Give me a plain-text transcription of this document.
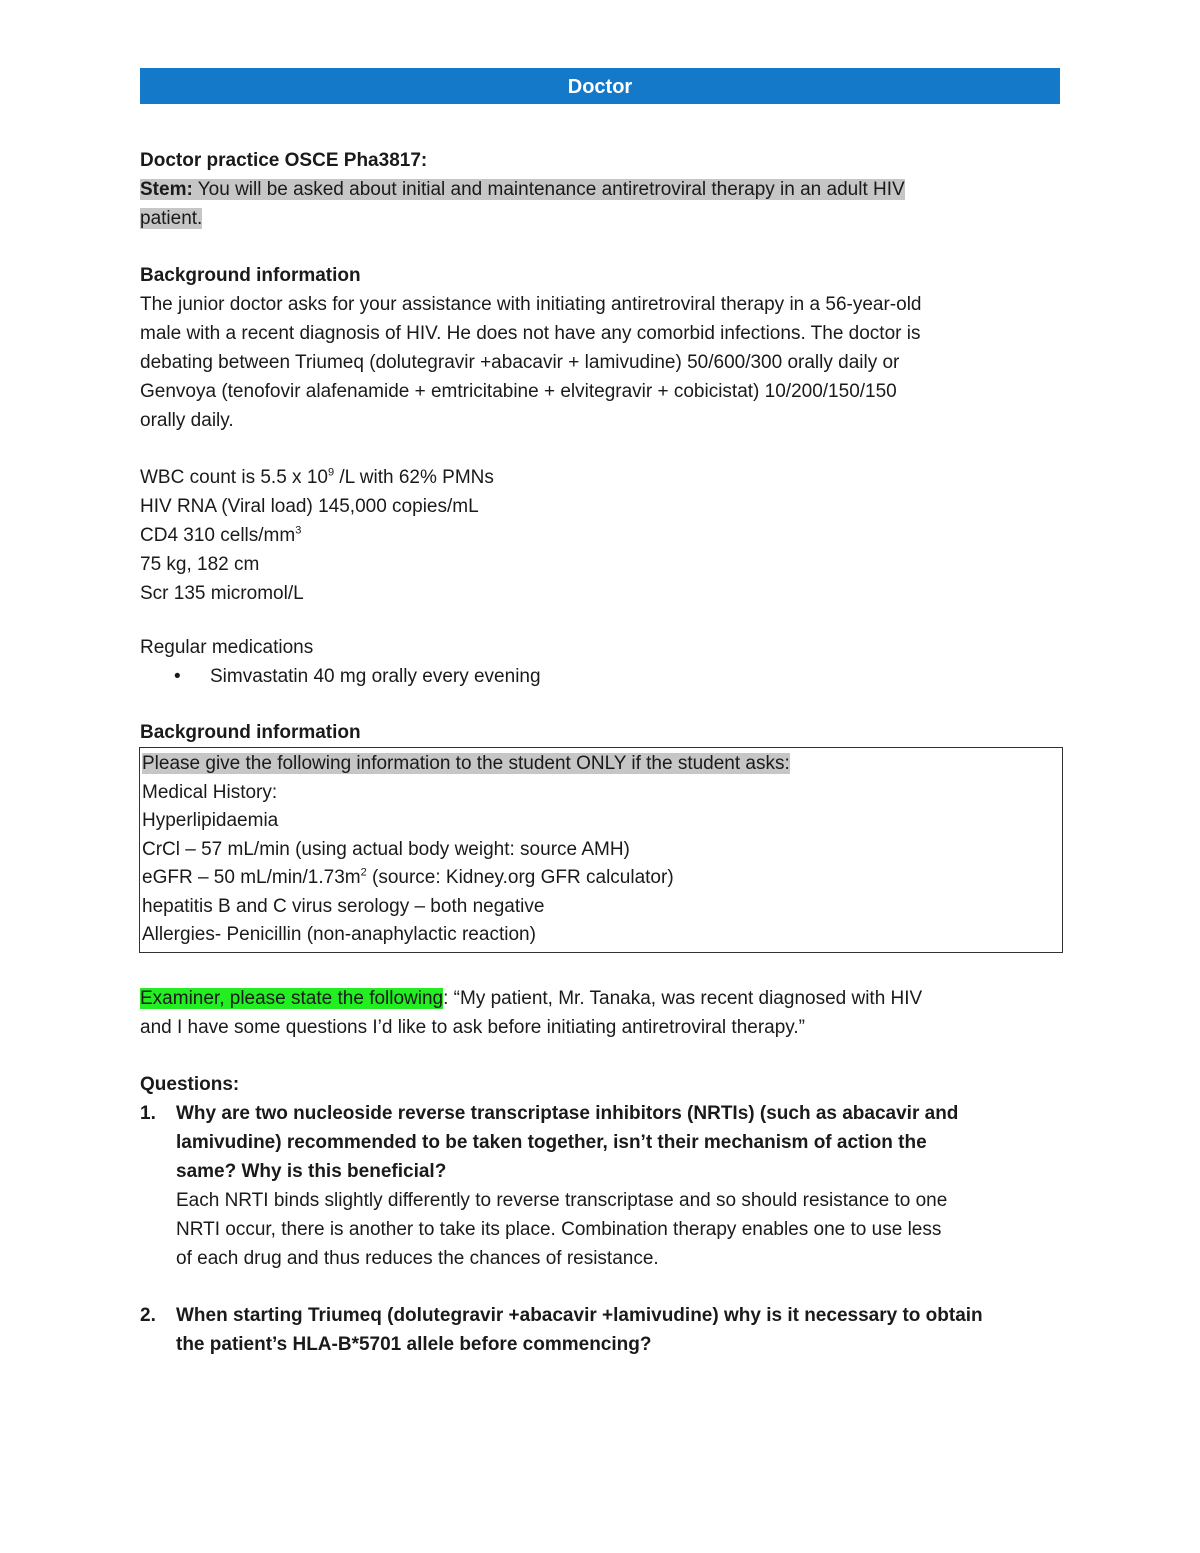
Doctor
Doctor practice OSCE Pha3817:
Stem: You will be asked about initial and maintenance antiretroviral therapy in an adult HIV
patient.
Background information
The junior doctor asks for your assistance with initiating antiretroviral therapy in a 56-year-old
male with a recent diagnosis of HIV. He does not have any comorbid infections. The doctor is
debating between Triumeq (dolutegravir +abacavir + lamivudine) 50/600/300 orally daily or
Genvoya (tenofovir alafenamide + emtricitabine + elvitegravir + cobicistat) 10/200/150/150
orally daily.
WBC count is 5.5 x $10^9$ /L with 62% PMNs
HIV RNA (Viral load) 145,000 copies/mL
CD4 310 cells/$mm^3$
75 kg, 182 cm
Scr 135 micromol/L
Regular medications
• Simvastatin 40 mg orally every evening
Background information
Please give the following information to the student ONLY if the student asks:
Medical History:
Hyperlipidaemia
CrCl – 57 mL/min (using actual body weight: source AMH)
eGFR – 50 $mL/\min/1.73m^2$ (source: Kidney.org GFR calculator)
hepatitis B and C virus serology – both negative
Allergies- Penicillin (non-anaphylactic reaction)
Examiner, please state the following: “My patient, Mr. Tanaka, was recent diagnosed with HIV
and I have some questions I’d like to ask before initiating antiretroviral therapy.”
Questions:
1. Why are two nucleoside reverse transcriptase inhibitors (NRTIs) (such as abacavir and
lamivudine) recommended to be taken together, isn’t their mechanism of action the
same? Why is this beneficial?
Each NRTI binds slightly differently to reverse transcriptase and so should resistance to one
NRTI occur, there is another to take its place. Combination therapy enables one to use less
of each drug and thus reduces the chances of resistance.
2. When starting Triumeq (dolutegravir +abacavir +lamivudine) why is it necessary to obtain
the patient’s HLA-B*5701 allele before commencing?
